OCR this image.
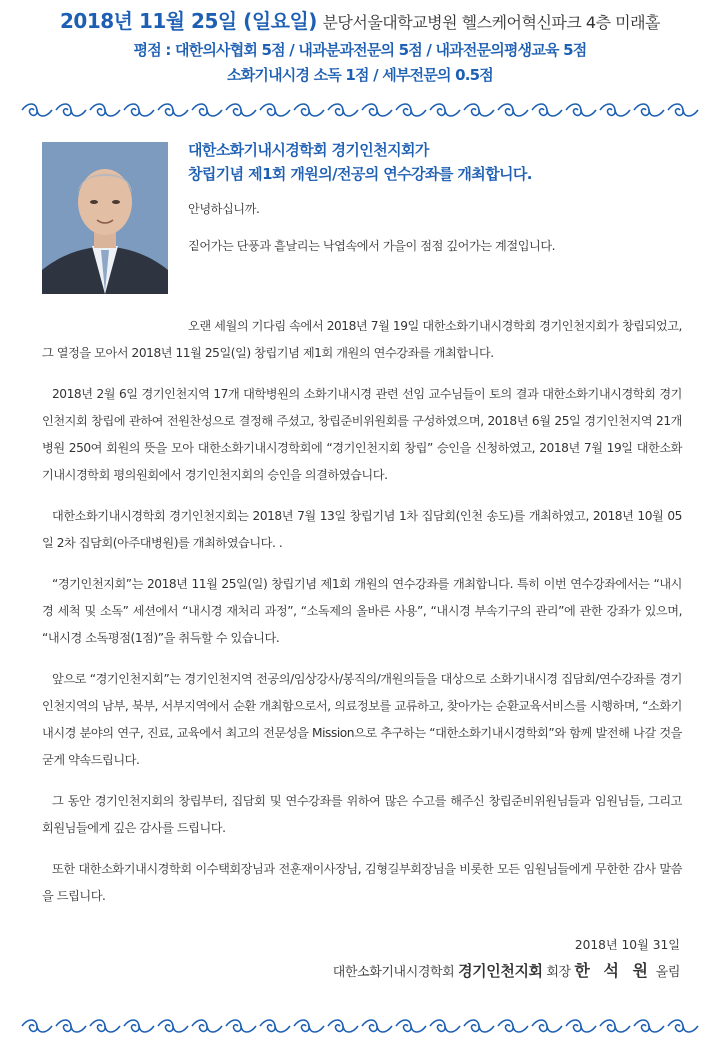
2018년 11월 25일 (일요일) 분당서울대학교병원 헬스케어혁신파크 4층 미래홀
평점 : 대한의사협회 5점 / 내과분과전문의 5점 / 내과전문의평생교육 5점
소화기내시경 소독 1점 / 세부전문의 0.5점
대한소화기내시경학회 경기인천지회가
창립기념 제1회 개원의/전공의 연수강좌를 개최합니다.
안녕하십니까.
짙어가는 단풍과 흩날리는 낙엽속에서 가을이 점점 깊어가는 계절입니다.
오랜 세월의 기다림 속에서 2018년 7월 19일 대한소화기내시경학회 경기인천지회가 창립되었고, 그 열정을 모아서 2018년 11월 25일(일) 창립기념 제1회 개원의 연수강좌를 개최합니다.
2018년 2월 6일 경기인천지역 17개 대학병원의 소화기내시경 관련 선임 교수님들이 토의 결과 대한소화기내시경학회 경기인천지회 창립에 관하여 전원찬성으로 결정해 주셨고, 창립준비위원회를 구성하였으며, 2018년 6월 25일 경기인천지역 21개병원 250여 회원의 뜻을 모아 대한소화기내시경학회에 “경기인천지회 창립” 승인을 신청하였고, 2018년 7월 19일 대한소화기내시경학회 평의원회에서 경기인천지회의 승인을 의결하였습니다.
대한소화기내시경학회 경기인천지회는 2018년 7월 13일 창립기념 1차 집담회(인천 송도)를 개최하였고, 2018년 10월 05일 2차 집담회(아주대병원)를 개최하였습니다. .
“경기인천지회”는 2018년 11월 25일(일) 창립기념 제1회 개원의 연수강좌를 개최합니다. 특히 이번 연수강좌에서는 “내시경 세척 및 소독” 세션에서 “내시경 재처리 과정”, “소독제의 올바른 사용”, “내시경 부속기구의 관리”에 관한 강좌가 있으며, “내시경 소독평점(1점)”을 취득할 수 있습니다.
앞으로 “경기인천지회”는 경기인천지역 전공의/임상강사/봉직의/개원의들을 대상으로 소화기내시경 집담회/연수강좌를 경기인천지역의 남부, 북부, 서부지역에서 순환 개최함으로서, 의료정보를 교류하고, 찾아가는 순환교육서비스를 시행하며, “소화기내시경 분야의 연구, 진료, 교육에서 최고의 전문성을 Mission으로 추구하는 “대한소화기내시경학회”와 함께 발전해 나갈 것을 굳게 약속드립니다.
그 동안 경기인천지회의 창립부터, 집담회 및 연수강좌를 위하여 많은 수고를 해주신 창립준비위원님들과 임원님들, 그리고 회원님들에게 깊은 감사를 드립니다.
또한 대한소화기내시경학회 이수택회장님과 전훈재이사장님, 김형길부회장님을 비롯한 모든 임원님들에게 무한한 감사 말씀을 드립니다.
2018년 10월 31일
대한소화기내시경학회 경기인천지회 회장 한 석 원 올림
